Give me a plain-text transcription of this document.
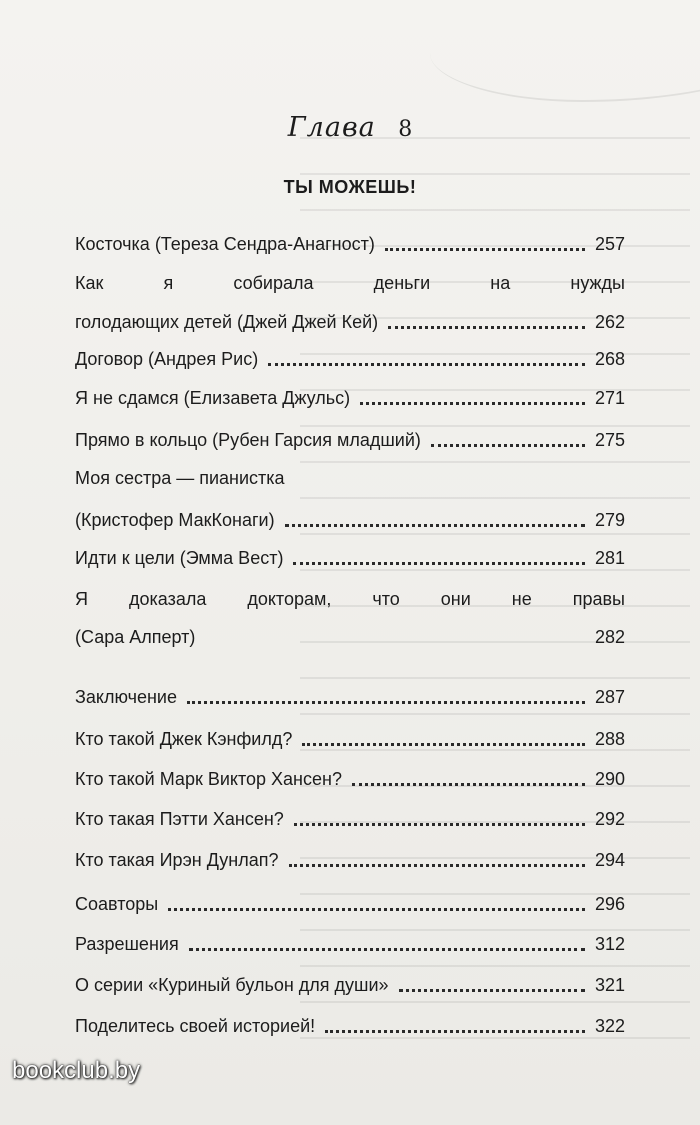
Глава 8
ТЫ МОЖЕШЬ!
Косточка (Тереза Сендра-Анагност)	257
Как я собирала деньги на нужды
голодающих детей (Джей Джей Кей)	262
Договор (Андрея Рис)	268
Я не сдамся (Елизавета Джульс)	271
Прямо в кольцо (Рубен Гарсия младший)	275
Моя сестра — пианистка
(Кристофер МакКонаги)	279
Идти к цели (Эмма Вест)	281
Я доказала докторам, что они не правы
(Сара Алперт)	282
Заключение	287
Кто такой Джек Кэнфилд?	288
Кто такой Марк Виктор Хансен?	290
Кто такая Пэтти Хансен?	292
Кто такая Ирэн Дунлап?	294
Соавторы	296
Разрешения	312
О серии «Куриный бульон для души»	321
Поделитесь своей историей!	322
bookclub.by
